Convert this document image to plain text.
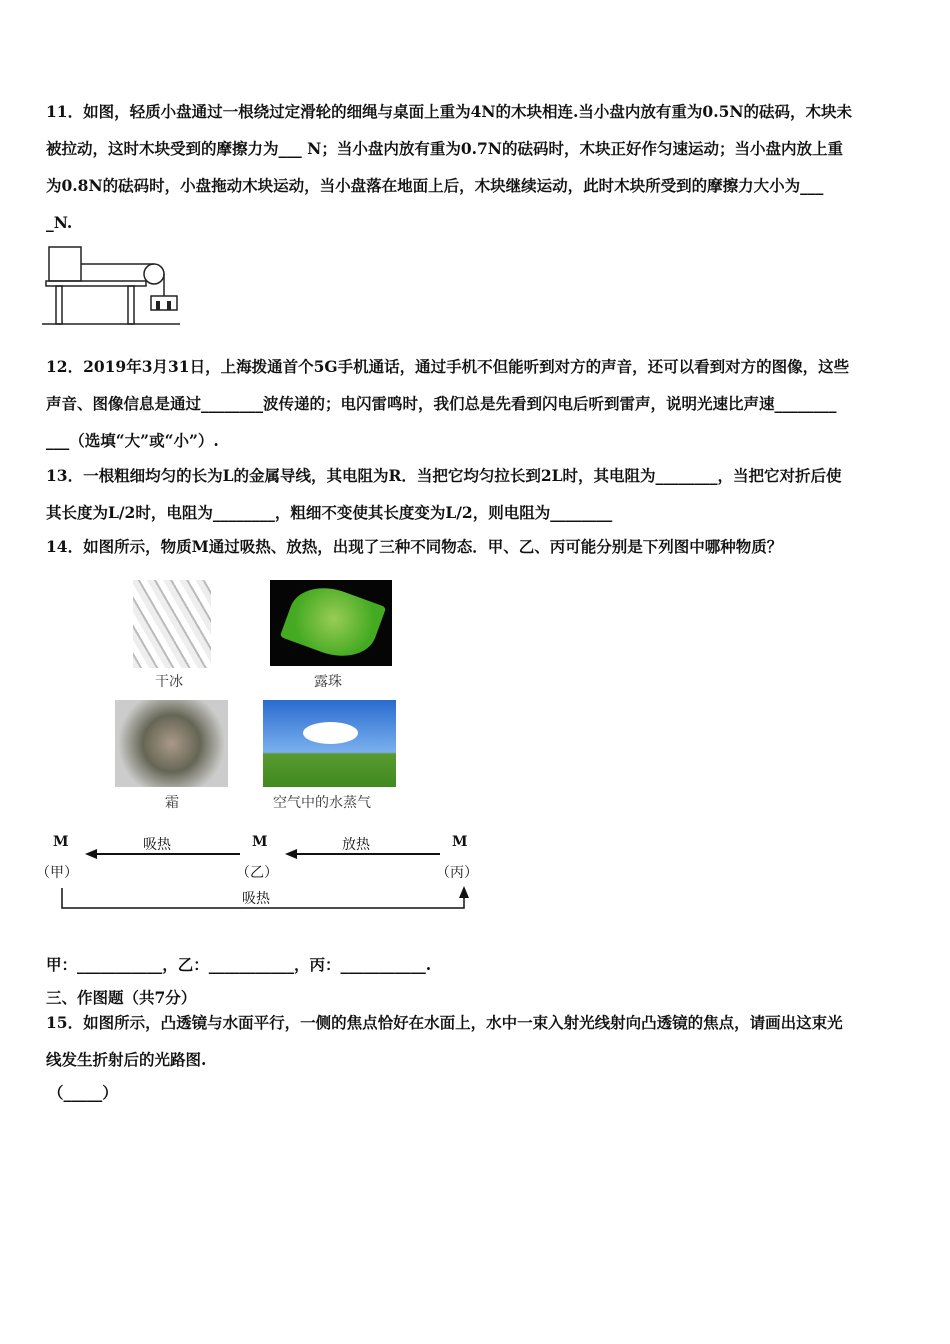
11．如图，轻质小盘通过一根绕过定滑轮的细绳与桌面上重为4N的木块相连.当小盘内放有重为0.5N的砝码，木块未
被拉动，这时木块受到的摩擦力为___ N；当小盘内放有重为0.7N的砝码时，木块正好作匀速运动；当小盘内放上重
为0.8N的砝码时，小盘拖动木块运动，当小盘落在地面上后，木块继续运动，此时木块所受到的摩擦力大小为___
_N.
12．2019年3月31日，上海拨通首个5G手机通话，通过手机不但能听到对方的声音，还可以看到对方的图像，这些
声音、图像信息是通过________波传递的；电闪雷鸣时，我们总是先看到闪电后听到雷声，说明光速比声速________
___（选填“大”或“小”）.
13．一根粗细均匀的长为L的金属导线，其电阻为R．当把它均匀拉长到2L时，其电阻为________，当把它对折后使
其长度为L/2时，电阻为________，粗细不变使其长度变为L/2，则电阻为________
14．如图所示，物质M通过吸热、放热，出现了三种不同物态．甲、乙、丙可能分别是下列图中哪种物质？
干冰	露珠
霜	空气中的水蒸气
M	M	M
（甲）	（乙）	（丙）
吸热	放热
吸热
甲：___________，乙：___________，丙：___________.
三、作图题（共7分）
15．如图所示，凸透镜与水面平行，一侧的焦点恰好在水面上，水中一束入射光线射向凸透镜的焦点，请画出这束光
线发生折射后的光路图.
（_____）
